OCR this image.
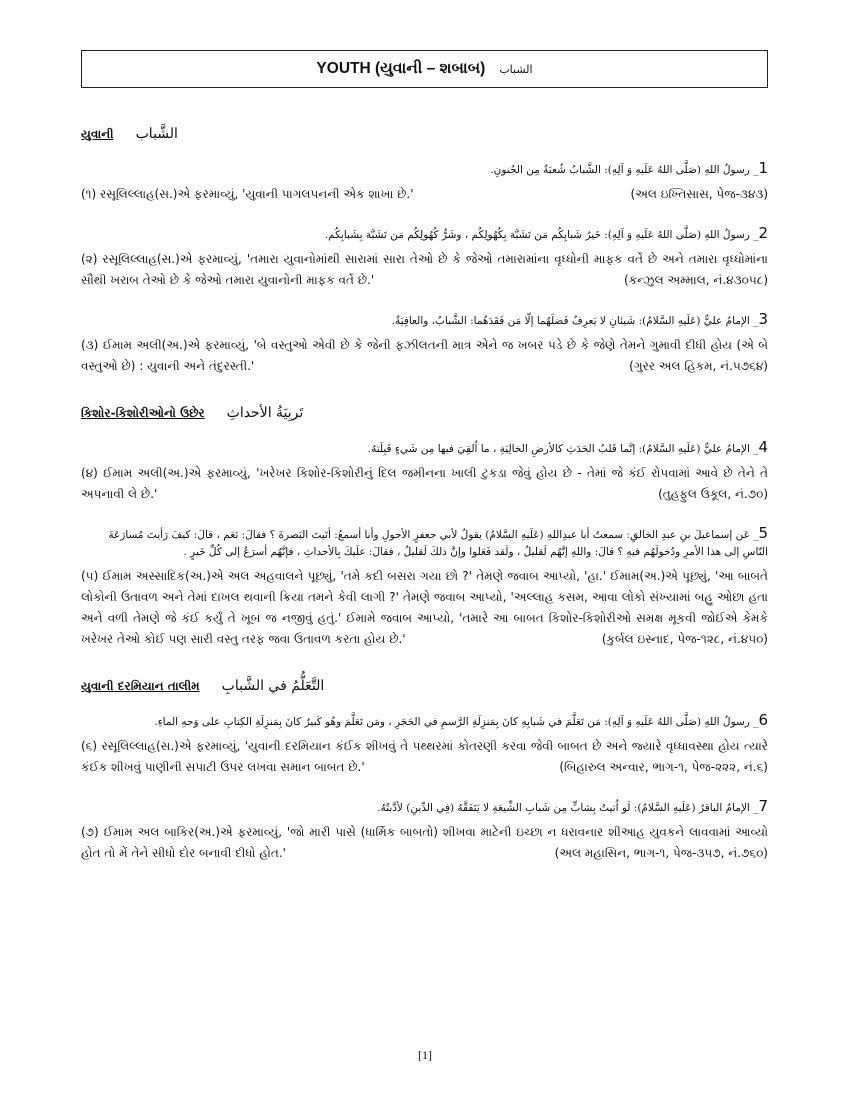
YOUTH (યુવાની – શબાબ) الشباب
યુવાની الشَّباب
1_ رسولُ اللهِ (صَلَّى اللهُ عَلَيهِ وَ آلِهِ): الشَّبابُ شُعبَةٌ مِن الجُنونِ.
(અલ ઇખ્તિસાસ, પેજ-૩૪૩)
(૧) રસૂલિલ્લાહ(સ.)એ ફરમાવ્યું, 'યુવાની પાગલપનની એક શાખા છે.'
2_ رسولُ اللهِ (صَلَّى اللهُ عَلَيهِ وَ آلِهِ): خَيرُ شَبابِكُم مَن تَشَبَّهَ بِكُهُولِكُم ، وشَرُّ كُهُولِكُم مَن تَشَبَّهَ بِشَبابِكُم.
(૨) રસૂલિલ્લાહ(સ.)એ ફરમાવ્યું, 'તમારા યુવાનોમાંથી સારામાં સારા તેઓ છે કે જેઓ તમારામાંના વૃધ્ધોની માફક વર્તે છે અને તમારા વૃધ્ધોમાંના સૌથી ખરાબ તેઓ છે કે જેઓ તમારા યુવાનોની માફક વર્તે છે.'	(કન્ઝુલ અમ્માલ, નં.૪૩૦૫૮)
3_ الإمامُ عليٌّ (عَلَيهِ السَّلامُ): شَيئانِ لا يَعرِفُ فَضلَهُما إلّا مَن فَقَدَهُما: الشَّبابُ، والعافِيَةُ.
(૩) ઈમામ અલી(અ.)એ ફરમાવ્યું, 'બે વસ્તુઓ એવી છે કે જેની ફઝીલતની માત્ર એને જ ખબર પડે છે કે જેણે તેમને ગુમાવી દીધી હોય (એ બે વસ્તુઓ છે) : યુવાની અને તંદુરસ્તી.'	(ગુરર અલ હિકમ, નં.૫૭૬૪)
કિશોર-કિશોરીઓનો ઉછેર تَربِيَةُ الأحداثِ
4_ الإمامُ عليٌّ (عَلَيهِ السَّلامُ): إنَّما قَلبُ الحَدَثِ كالأرضِ الخالِيَةِ ، ما اُلقِيَ فيها مِن شَيءٍ قَبِلَتهُ.
(૪) ઈમામ અલી(અ.)એ ફરમાવ્યું, 'ખરેખર કિશોર-કિશોરીનું દિલ જમીનના ખાલી ટુકડા જેવું હોય છે - તેમાં જે કંઈ રોપવામાં આવે છે તેને તે અપનાવી લે છે.'	(તુહફુલ ઉકૂલ, નં.૭૦)
5_ عَن إسماعيلَ بنِ عبدِ الخالقِ: سمعتُ أبا عبدِاللهِ (عَلَيهِ السَّلامُ) يقولُ لأبي جعفرٍ الأحولِ وأنا أسمعُ: أتَيتَ البَصرةَ ؟ فقالَ: نَعَم ، قالَ: كيفَ رَأيتَ مُسارَعَةَ النّاسِ إلى هذا الأمرِ ودُخولَهُم فيهِ ؟ قالَ: واللهِ إنَّهُم لَقليلٌ ، ولَقد فَعَلوا وإنَّ ذلكَ لَقليلٌ ، فقالَ: علَيكَ بِالأحداثِ ، فإنَّهُم أسرَعُ إلى كُلِّ خَيرٍ .
(૫) ઈમામ અસ્સાદિક(અ.)એ અલ અહવાલને પૂછ્યું, 'તમે કદી બસરા ગયા છો ?' તેમણે જવાબ આપ્યો, 'હા.' ઈમામ(અ.)એ પૂછ્યું, 'આ બાબતે લોકોની ઉતાવળ અને તેમાં દાખલ થવાની ક્રિયા તમને કેવી લાગી ?' તેમણે જવાબ આપ્યો, 'અલ્લાહ કસમ, આવા લોકો સંખ્યામાં બહુ ઓછા હતા અને વળી તેમણે જે કંઈ કર્યું તે ખૂબ જ નજીવું હતું.' ઈમામે જવાબ આપ્યો, 'તમારે આ બાબત કિશોર-કિશોરીઓ સમક્ષ મૂકવી જોઈએ કેમકે ખરેખર તેઓ કોઈ પણ સારી વસ્તુ તરફ જવા ઉતાવળ કરતા હોય છે.'	(કુર્બલ ઇસ્નાદ, પેજ-૧૨૮, નં.૪૫૦)
યુવાની દરમિયાન તાલીમ التَّعَلُّمُ في الشَّبابِ
6_ رسولُ اللهِ (صَلَّى اللهُ عَلَيهِ وَ آلِهِ): مَن تَعَلَّمَ في شَبابِهِ كانَ بِمَنزِلَةِ الرَّسمِ في الحَجَرِ ، ومَن تَعَلَّمَ وهُو كَبيرٌ كانَ بِمَنزِلَةِ الكِتابِ على وَجهِ الماءِ.
(૬) રસૂલિલ્લાહ(સ.)એ ફરમાવ્યું, 'યુવાની દરમિયાન કંઈક શીખવું તે પથ્થરમાં કોતરણી કરવા જેવી બાબત છે અને જ્યારે વૃધ્ધાવસ્થા હોય ત્યારે કંઈક શીખવું પાણીની સપાટી ઉપર લખવા સમાન બાબત છે.'	(બિહારુલ અન્વાર, ભાગ-૧, પેજ-૨૨૨, નં.૬)
7_ الإمامُ الباقرُ (عَلَيهِ السَّلامُ): لَو اُتيتُ بِشابٍّ مِن شَبابِ الشِّيعَةِ لا يَتَفَقَّهُ (فِي الدِّينِ) لأدَّبتُهُ.
(૭) ઈમામ અલ બાકિર(અ.)એ ફરમાવ્યું, 'જો મારી પાસે (ધાર્મિક બાબતો) શીખવા માટેની ઇચ્છા ન ધરાવનાર શીઆહ યુવકને લાવવામાં આવ્યો હોત તો મેં તેને સીધો દોર બનાવી દીધો હોત.'	(અલ મહાસિન, ભાગ-૧, પેજ-૩૫૭, નં.૭૬૦)
[1]
